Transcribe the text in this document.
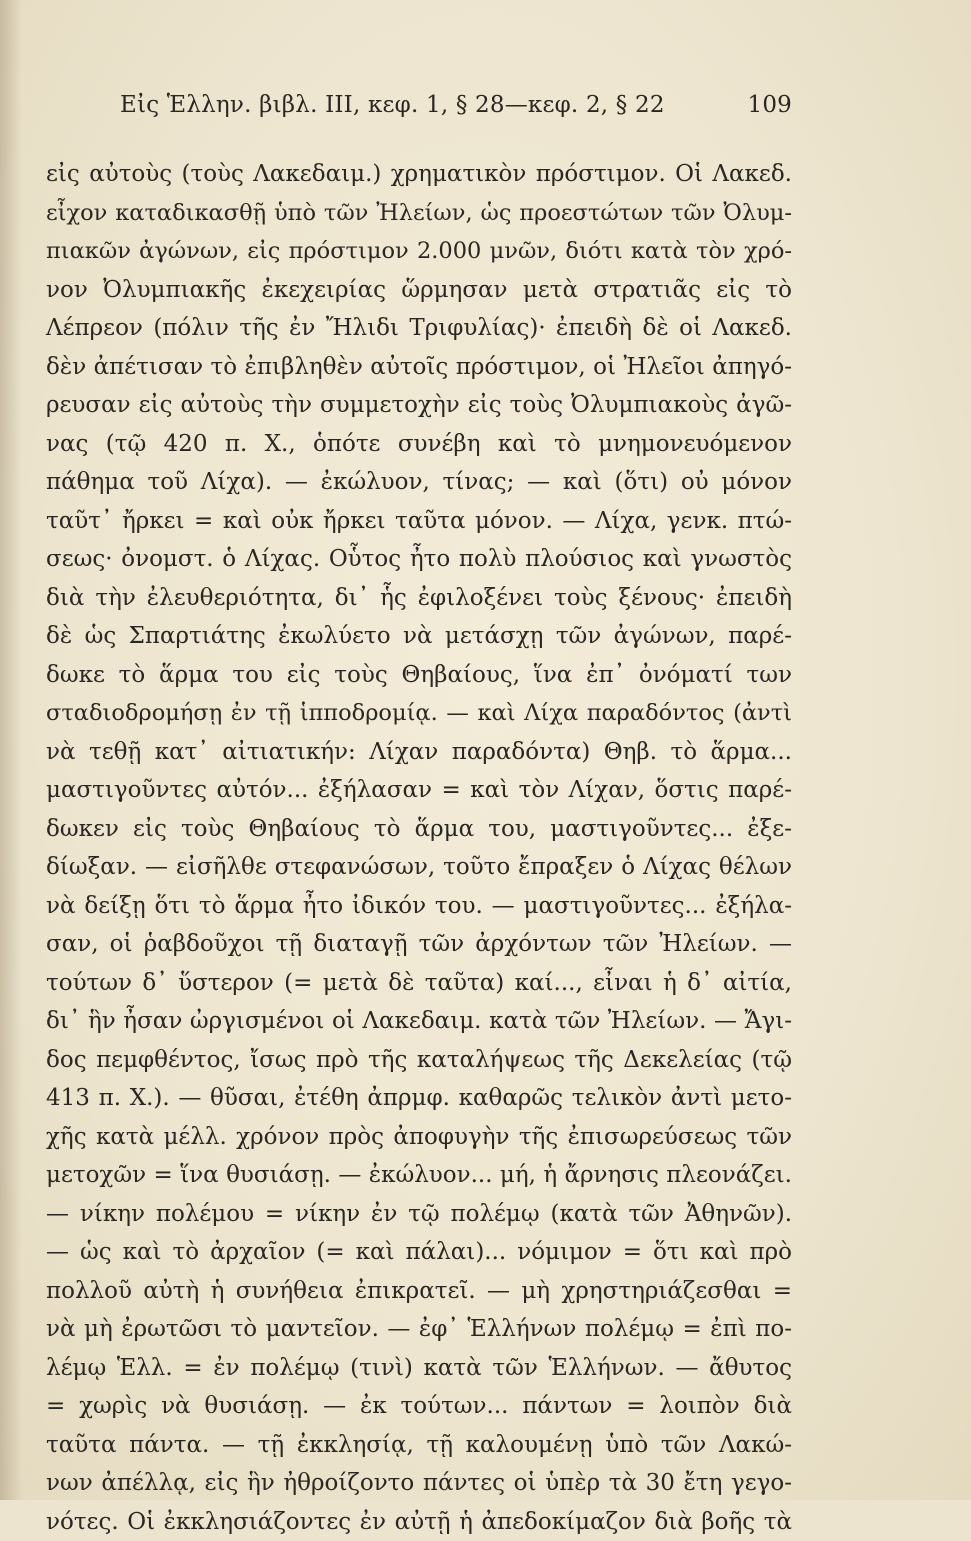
Εἰς Ἑλλην. βιβλ. ΙΙΙ, κεφ. 1, § 28—κεφ. 2, § 22	109
εἰς αὐτοὺς (τοὺς Λακεδαιμ.) χρηματικὸν πρόστιμον. Οἱ Λακεδ.
εἶχον καταδικασθῇ ὑπὸ τῶν Ἠλείων, ὡς προεστώτων τῶν Ὀλυμ-
πιακῶν ἀγώνων, εἰς πρόστιμον 2.000 μνῶν, διότι κατὰ τὸν χρό-
νον Ὀλυμπιακῆς ἐκεχειρίας ὥρμησαν μετὰ στρατιᾶς εἰς τὸ
Λέπρεον (πόλιν τῆς ἐν Ἤλιδι Τριφυλίας)· ἐπειδὴ δὲ οἱ Λακεδ.
δὲν ἀπέτισαν τὸ ἐπιβληθὲν αὐτοῖς πρόστιμον, οἱ Ἠλεῖοι ἀπηγό-
ρευσαν εἰς αὐτοὺς τὴν συμμετοχὴν εἰς τοὺς Ὀλυμπιακοὺς ἀγῶ-
νας (τῷ 420 π. Χ., ὁπότε συνέβη καὶ τὸ μνημονευόμενον
πάθημα τοῦ Λίχα). — ἐκώλυον, τίνας; — καὶ (ὅτι) οὐ μόνον
ταῦτ᾽ ἤρκει = καὶ οὐκ ἤρκει ταῦτα μόνον. — Λίχα, γενκ. πτώ-
σεως· ὀνομστ. ὁ Λίχας. Οὗτος ἦτο πολὺ πλούσιος καὶ γνωστὸς
διὰ τὴν ἐλευθεριότητα, δι᾽ ἧς ἐφιλοξένει τοὺς ξένους· ἐπειδὴ
δὲ ὡς Σπαρτιάτης ἐκωλύετο νὰ μετάσχῃ τῶν ἀγώνων, παρέ-
δωκε τὸ ἅρμα του εἰς τοὺς Θηβαίους, ἵνα ἐπ᾽ ὀνόματί των
σταδιοδρομήσῃ ἐν τῇ ἱπποδρομίᾳ. — καὶ Λίχα παραδόντος (ἀντὶ
νὰ τεθῇ κατ᾽ αἰτιατικήν: Λίχαν παραδόντα) Θηβ. τὸ ἅρμα...
μαστιγοῦντες αὐτόν... ἐξήλασαν = καὶ τὸν Λίχαν, ὅστις παρέ-
δωκεν εἰς τοὺς Θηβαίους τὸ ἅρμα του, μαστιγοῦντες... ἐξε-
δίωξαν. — εἰσῆλθε στεφανώσων, τοῦτο ἔπραξεν ὁ Λίχας θέλων
νὰ δείξῃ ὅτι τὸ ἅρμα ἦτο ἰδικόν του. — μαστιγοῦντες... ἐξήλα-
σαν, οἱ ῥαβδοῦχοι τῇ διαταγῇ τῶν ἀρχόντων τῶν Ἠλείων. —
τούτων δ᾽ ὕστερον (= μετὰ δὲ ταῦτα) καί..., εἶναι ἡ δ᾽ αἰτία,
δι᾽ ἣν ἦσαν ὠργισμένοι οἱ Λακεδαιμ. κατὰ τῶν Ἠλείων. — Ἄγι-
δος πεμφθέντος, ἴσως πρὸ τῆς καταλήψεως τῆς Δεκελείας (τῷ
413 π. Χ.). — θῦσαι, ἐτέθη ἀπρμφ. καθαρῶς τελικὸν ἀντὶ μετο-
χῆς κατὰ μέλλ. χρόνον πρὸς ἀποφυγὴν τῆς ἐπισωρεύσεως τῶν
μετοχῶν = ἵνα θυσιάσῃ. — ἐκώλυον... μή, ἡ ἄρνησις πλεονάζει.
— νίκην πολέμου = νίκην ἐν τῷ πολέμῳ (κατὰ τῶν Ἀθηνῶν).
— ὡς καὶ τὸ ἀρχαῖον (= καὶ πάλαι)... νόμιμον = ὅτι καὶ πρὸ
πολλοῦ αὐτὴ ἡ συνήθεια ἐπικρατεῖ. — μὴ χρηστηριάζεσθαι =
νὰ μὴ ἐρωτῶσι τὸ μαντεῖον. — ἐφ᾽ Ἑλλήνων πολέμῳ = ἐπὶ πο-
λέμῳ Ἑλλ. = ἐν πολέμῳ (τινὶ) κατὰ τῶν Ἑλλήνων. — ἄθυτος
= χωρὶς νὰ θυσιάσῃ. — ἐκ τούτων... πάντων = λοιπὸν διὰ
ταῦτα πάντα. — τῇ ἐκκλησίᾳ, τῇ καλουμένῃ ὑπὸ τῶν Λακώ-
νων ἀπέλλᾳ, εἰς ἣν ἠθροίζοντο πάντες οἱ ὑπὲρ τὰ 30 ἔτη γεγο-
νότες. Οἱ ἐκκλησιάζοντες ἐν αὐτῇ ἡ ἀπεδοκίμαζον διὰ βοῆς τὰ
